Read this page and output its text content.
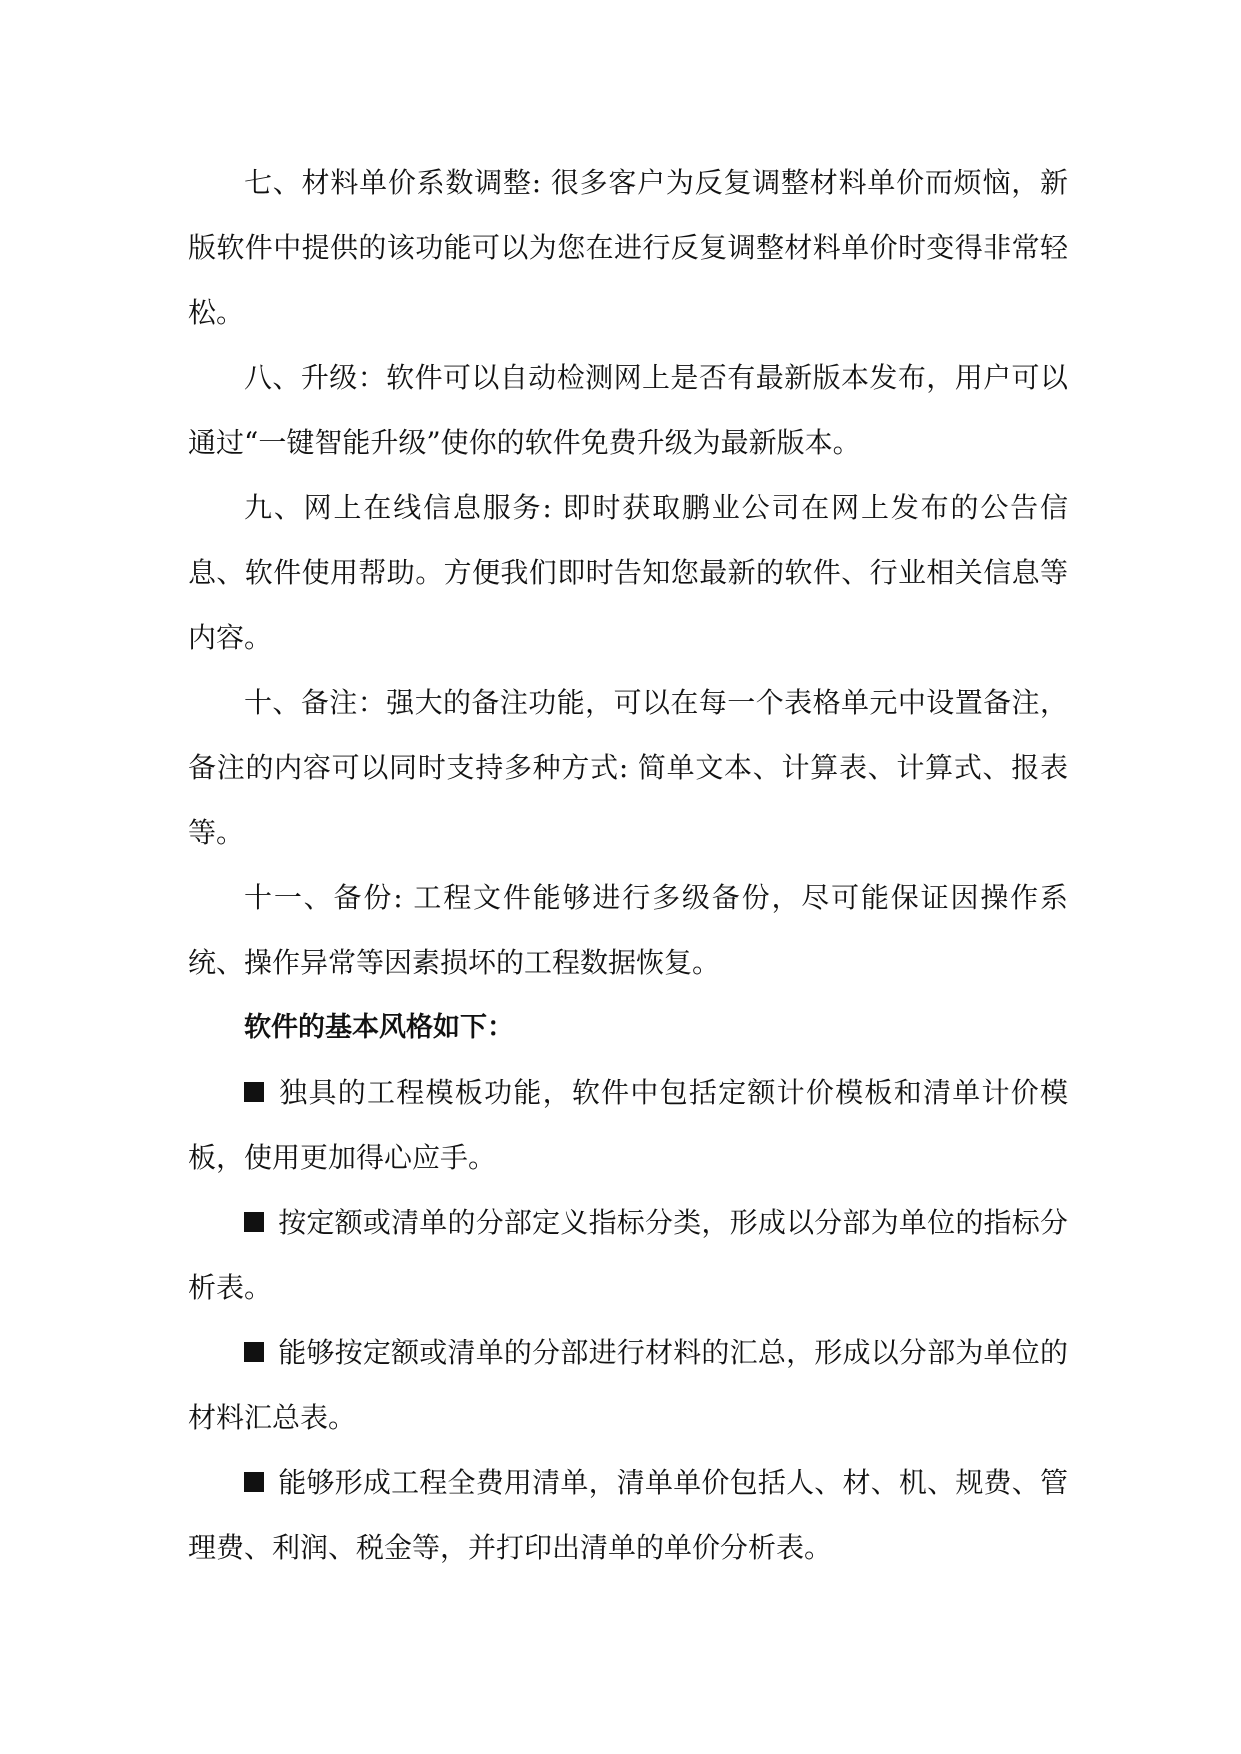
七、材料单价系数调整: 很多客户为反复调整材料单价而烦恼，新版软件中提供的该功能可以为您在进行反复调整材料单价时变得非常轻松。

八、升级：软件可以自动检测网上是否有最新版本发布，用户可以通过“一键智能升级”使你的软件免费升级为最新版本。

九、网上在线信息服务: 即时获取鹏业公司在网上发布的公告信息、软件使用帮助。方便我们即时告知您最新的软件、行业相关信息等内容。

十、备注：强大的备注功能，可以在每一个表格单元中设置备注，备注的内容可以同时支持多种方式: 简单文本、计算表、计算式、报表等。

十一、备份: 工程文件能够进行多级备份，尽可能保证因操作系统、操作异常等因素损坏的工程数据恢复。

软件的基本风格如下：

独具的工程模板功能，软件中包括定额计价模板和清单计价模板，使用更加得心应手。

按定额或清单的分部定义指标分类，形成以分部为单位的指标分析表。

能够按定额或清单的分部进行材料的汇总，形成以分部为单位的材料汇总表。

能够形成工程全费用清单，清单单价包括人、材、机、规费、管理费、利润、税金等，并打印出清单的单价分析表。
